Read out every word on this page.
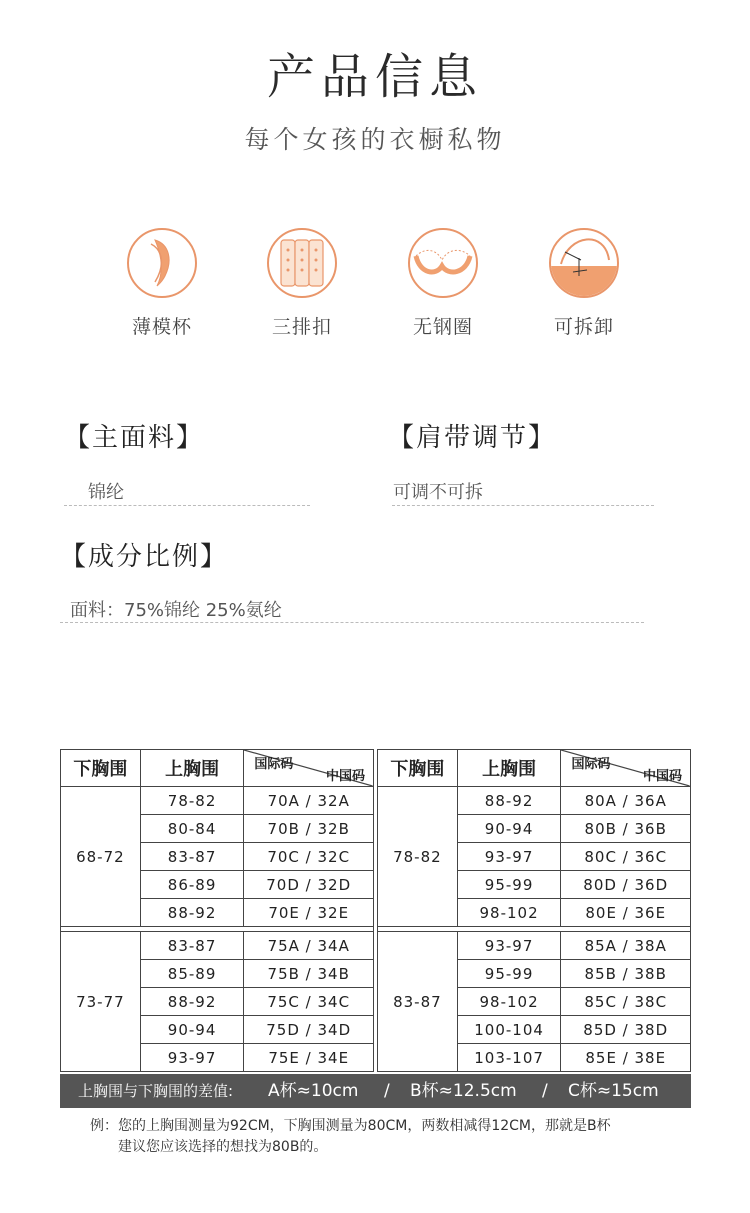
产品信息
每个女孩的衣橱私物
薄模杯	三排扣	无钢圈	可拆卸
【主面料】
锦纶
【肩带调节】
可调不可拆
【成分比例】
面料：75%锦纶 25%氨纶
下胸围	上胸围	国际码
中国码

68-72	78-82	70A / 32A
	80-84	70B / 32B
	83-87	70C / 32C
	86-89	70D / 32D
	88-92	70E / 32E

73-77	83-87	75A / 34A
	85-89	75B / 34B
	88-92	75C / 34C
	90-94	75D / 34D
	93-97	75E / 34E
下胸围	上胸围	国际码
中国码

78-82	88-92	80A / 36A
	90-94	80B / 36B
	93-97	80C / 36C
	95-99	80D / 36D
	98-102	80E / 36E

83-87	93-97	85A / 38A
	95-99	85B / 38B
	98-102	85C / 38C
	100-104	85D / 38D
	103-107	85E / 38E
上胸围与下胸围的差值: A杯≈10cm / B杯≈12.5cm / C杯≈15cm
例：您的上胸围测量为92CM，下胸围测量为80CM，两数相减得12CM，那就是B杯
建议您应该选择的想找为80B的。
